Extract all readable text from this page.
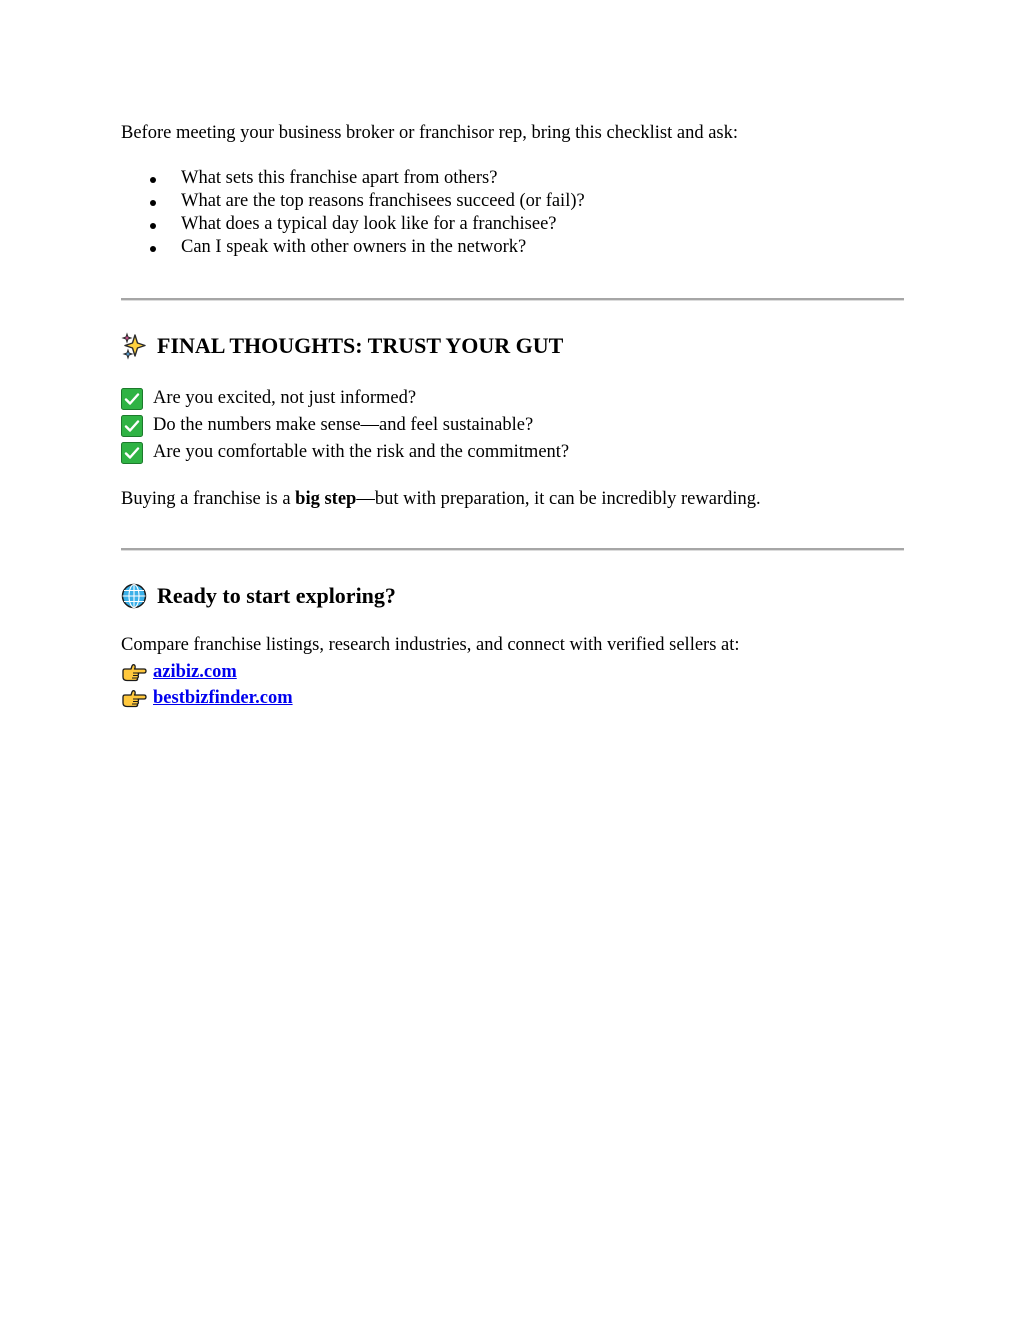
Before meeting your business broker or franchisor rep, bring this checklist and ask:
What sets this franchise apart from others?
What are the top reasons franchisees succeed (or fail)?
What does a typical day look like for a franchisee?
Can I speak with other owners in the network?
FINAL THOUGHTS: TRUST YOUR GUT
Are you excited, not just informed?
Do the numbers make sense—and feel sustainable?
Are you comfortable with the risk and the commitment?
Buying a franchise is a big step—but with preparation, it can be incredibly rewarding.
Ready to start exploring?
Compare franchise listings, research industries, and connect with verified sellers at:
azibiz.com
bestbizfinder.com
